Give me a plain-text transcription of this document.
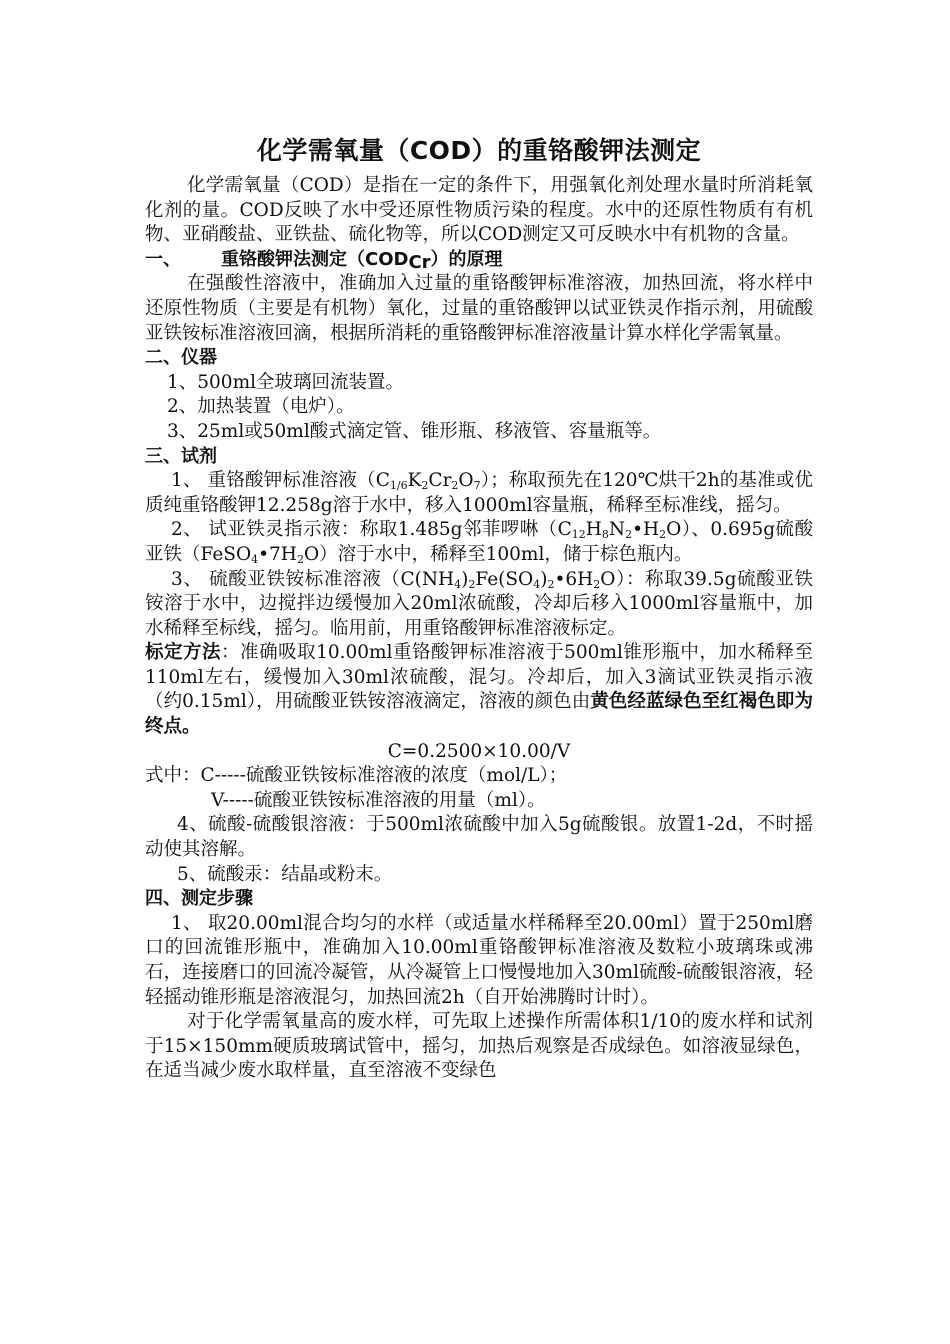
化学需氧量（COD）的重铬酸钾法测定

化学需氧量（COD）是指在一定的条件下，用强氧化剂处理水量时所消耗氧化剂的量。COD反映了水中受还原性物质污染的程度。水中的还原性物质有有机物、亚硝酸盐、亚铁盐、硫化物等，所以COD测定又可反映水中有机物的含量。

一、 重铬酸钾法测定$(COD_{Cr})$的原理

在强酸性溶液中，准确加入过量的重铬酸钾标准溶液，加热回流，将水样中还原性物质（主要是有机物）氧化，过量的重铬酸钾以试亚铁灵作指示剂，用硫酸亚铁铵标准溶液回滴，根据所消耗的重铬酸钾标准溶液量计算水样化学需氧量。

二、仪器

1、500ml全玻璃回流装置。

2、加热装置（电炉）。

3、25ml或50ml酸式滴定管、锥形瓶、移液管、容量瓶等。

三、试剂

1、 重铬酸钾标准溶液$(C_{1/6}K_2Cr_2O_7)$；称取预先在120℃烘干2h的基准或优质纯重铬酸钾12.258g溶于水中，移入1000ml容量瓶，稀释至标准线，摇匀。

2、 试亚铁灵指示液：称取1.485g邻菲啰啉$(C_{12}H_8N_2•H_2O)$、0.695g硫酸亚铁$(FeSO_4•7H_2O)$溶于水中，稀释至100ml，储于棕色瓶内。

3、 硫酸亚铁铵标准溶液$(C(NH_4)_2Fe(SO_4)_2•6H_2O)$：称取39.5g硫酸亚铁铵溶于水中，边搅拌边缓慢加入20ml浓硫酸，冷却后移入1000ml容量瓶中，加水稀释至标线，摇匀。临用前，用重铬酸钾标准溶液标定。

标定方法：准确吸取10.00ml重铬酸钾标准溶液于500ml锥形瓶中，加水稀释至110ml左右，缓慢加入30ml浓硫酸，混匀。冷却后，加入3滴试亚铁灵指示液（约0.15ml），用硫酸亚铁铵溶液滴定，溶液的颜色由黄色经蓝绿色至红褐色即为终点。

C=0.2500×10.00/V

式中：C-----硫酸亚铁铵标准溶液的浓度（mol/L）；

V-----硫酸亚铁铵标准溶液的用量（ml）。

4、硫酸-硫酸银溶液：于500ml浓硫酸中加入5g硫酸银。放置1-2d，不时摇动使其溶解。

5、硫酸汞：结晶或粉末。

四、测定步骤

1、 取20.00ml混合均匀的水样（或适量水样稀释至20.00ml）置于250ml磨口的回流锥形瓶中，准确加入10.00ml重铬酸钾标准溶液及数粒小玻璃珠或沸石，连接磨口的回流冷凝管，从冷凝管上口慢慢地加入30ml硫酸-硫酸银溶液，轻轻摇动锥形瓶是溶液混匀，加热回流2h（自开始沸腾时计时）。

对于化学需氧量高的废水样，可先取上述操作所需体积1/10的废水样和试剂于15×150mm硬质玻璃试管中，摇匀，加热后观察是否成绿色。如溶液显绿色，在适当减少废水取样量，直至溶液不变绿色
